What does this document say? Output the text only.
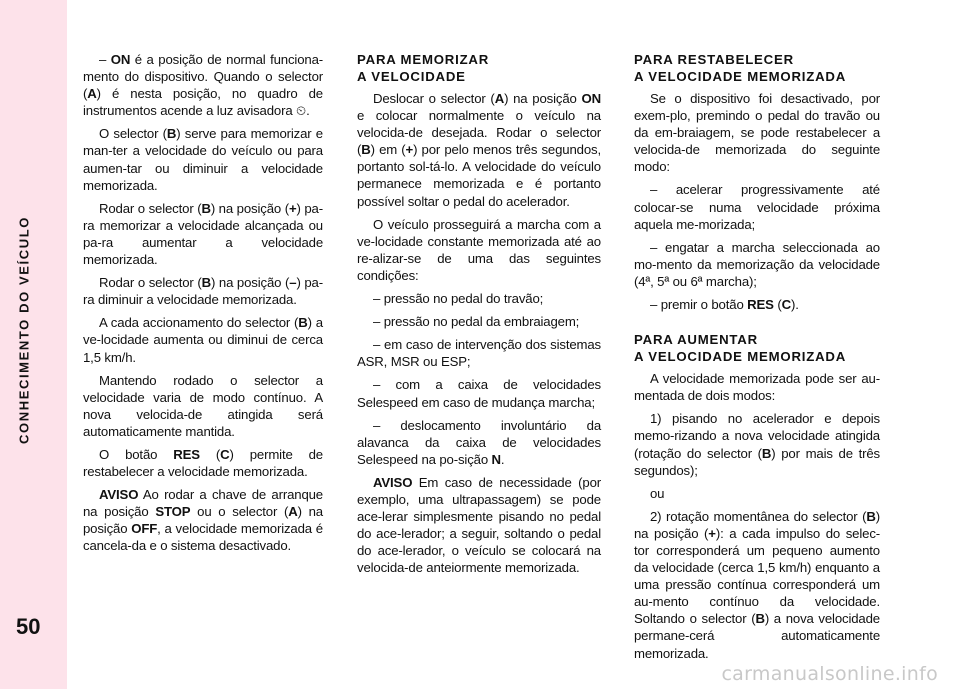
CONHECIMENTO DO VEÍCULO
50

– ON é a posição de normal funciona-mento do dispositivo. Quando o selector (A) é nesta posição, no quadro de instrumentos acende a luz avisadora ⏲.

O selector (B) serve para memorizar e man-ter a velocidade do veículo ou para aumen-tar ou diminuir a velocidade memorizada.

Rodar o selector (B) na posição (+) pa-ra memorizar a velocidade alcançada ou pa-ra aumentar a velocidade memorizada.

Rodar o selector (B) na posição (–) pa-ra diminuir a velocidade memorizada.

A cada accionamento do selector (B) a ve-locidade aumenta ou diminui de cerca 1,5 km/h.

Mantendo rodado o selector a velocidade varia de modo contínuo. A nova velocida-de atingida será automaticamente mantida.

O botão RES (C) permite de restabelecer a velocidade memorizada.

AVISO Ao rodar a chave de arranque na posição STOP ou o selector (A) na posição OFF, a velocidade memorizada é cancela-da e o sistema desactivado.

PARA MEMORIZAR
A VELOCIDADE

Deslocar o selector (A) na posição ON e colocar normalmente o veículo na velocida-de desejada. Rodar o selector (B) em (+) por pelo menos três segundos, portanto sol-tá-lo. A velocidade do veículo permanece memorizada e é portanto possível soltar o pedal do acelerador.

O veículo prosseguirá a marcha com a ve-locidade constante memorizada até ao re-alizar-se de uma das seguintes condições:

– pressão no pedal do travão;

– pressão no pedal da embraiagem;

– em caso de intervenção dos sistemas ASR, MSR ou ESP;

– com a caixa de velocidades Selespeed em caso de mudança marcha;

– deslocamento involuntário da alavanca da caixa de velocidades Selespeed na po-sição N.

AVISO Em caso de necessidade (por exemplo, uma ultrapassagem) se pode ace-lerar simplesmente pisando no pedal do ace-lerador; a seguir, soltando o pedal do ace-lerador, o veículo se colocará na velocida-de anteiormente memorizada.

PARA RESTABELECER
A VELOCIDADE MEMORIZADA

Se o dispositivo foi desactivado, por exem-plo, premindo o pedal do travão ou da em-braiagem, se pode restabelecer a velocida-de memorizada do seguinte modo:

– acelerar progressivamente até colocar-se numa velocidade próxima aquela me-morizada;

– engatar a marcha seleccionada ao mo-mento da memorização da velocidade (4ª, 5ª ou 6ª marcha);

– premir o botão RES (C).

PARA AUMENTAR
A VELOCIDADE MEMORIZADA

A velocidade memorizada pode ser au-mentada de dois modos:

1) pisando no acelerador e depois memo-rizando a nova velocidade atingida (rotação do selector (B) por mais de três segundos);

ou

2) rotação momentânea do selector (B) na posição (+): a cada impulso do selec-tor corresponderá um pequeno aumento da velocidade (cerca 1,5 km/h) enquanto a uma pressão contínua corresponderá um au-mento contínuo da velocidade. Soltando o selector (B) a nova velocidade permane-cerá automaticamente memorizada.

carmanualsonline.info
